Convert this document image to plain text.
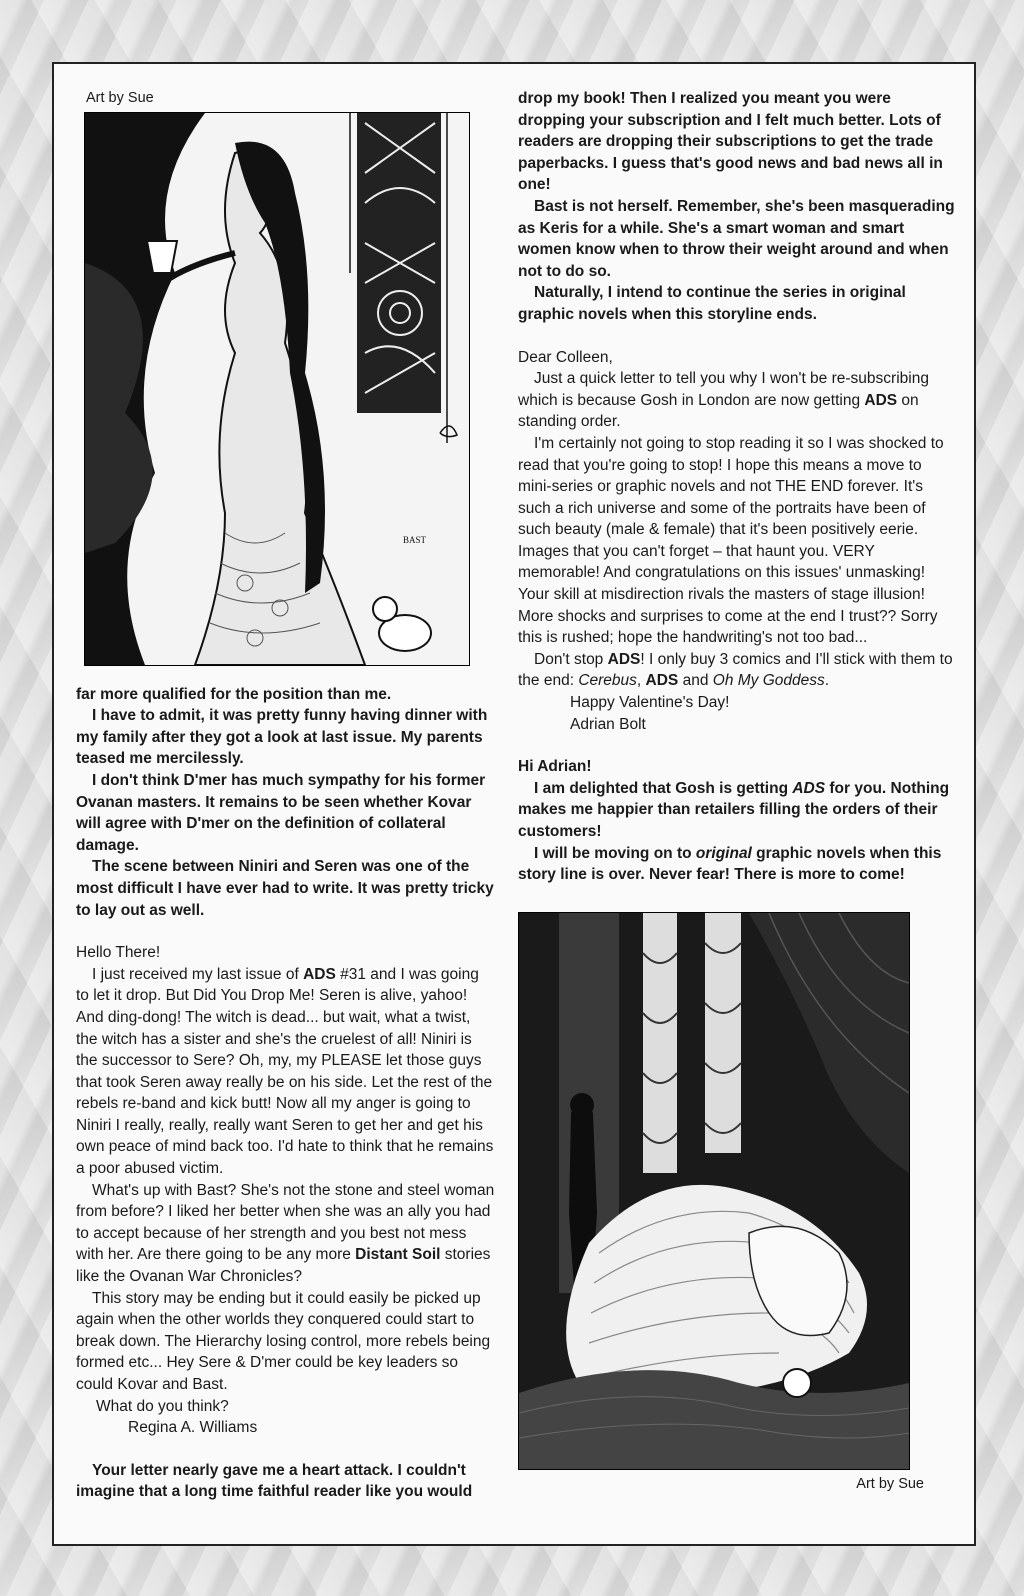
Art by Sue
BAST

far more qualified for the position than me.

I have to admit, it was pretty funny having dinner with my family after they got a look at last issue. My parents teased me mercilessly.

I don't think D'mer has much sympathy for his former Ovanan masters. It remains to be seen whether Kovar will agree with D'mer on the definition of collateral damage.

The scene between Niniri and Seren was one of the most difficult I have ever had to write. It was pretty tricky to lay out as well.

Hello There!

I just received my last issue of ADS #31 and I was going to let it drop. But Did You Drop Me! Seren is alive, yahoo! And ding-dong! The witch is dead... but wait, what a twist, the witch has a sister and she's the cruelest of all! Niniri is the successor to Sere? Oh, my, my PLEASE let those guys that took Seren away really be on his side. Let the rest of the rebels re-band and kick butt! Now all my anger is going to Niniri I really, really, really want Seren to get her and get his own peace of mind back too. I'd hate to think that he remains a poor abused victim.

What's up with Bast? She's not the stone and steel woman from before? I liked her better when she was an ally you had to accept because of her strength and you best not mess with her. Are there going to be any more Distant Soil stories like the Ovanan War Chronicles?

This story may be ending but it could easily be picked up again when the other worlds they conquered could start to break down. The Hierarchy losing control, more rebels being formed etc... Hey Sere & D'mer could be key leaders so could Kovar and Bast.

What do you think?

Regina A. Williams

Your letter nearly gave me a heart attack. I couldn't imagine that a long time faithful reader like you would

drop my book! Then I realized you meant you were dropping your subscription and I felt much better. Lots of readers are dropping their subscriptions to get the trade paperbacks. I guess that's good news and bad news all in one!

Bast is not herself. Remember, she's been masquerading as Keris for a while. She's a smart woman and smart women know when to throw their weight around and when not to do so.

Naturally, I intend to continue the series in original graphic novels when this storyline ends.

Dear Colleen,

Just a quick letter to tell you why I won't be re-subscribing which is because Gosh in London are now getting ADS on standing order.

I'm certainly not going to stop reading it so I was shocked to read that you're going to stop! I hope this means a move to mini-series or graphic novels and not THE END forever. It's such a rich universe and some of the portraits have been of such beauty (male & female) that it's been positively eerie. Images that you can't forget – that haunt you. VERY memorable! And congratulations on this issues' unmasking! Your skill at misdirection rivals the masters of stage illusion! More shocks and surprises to come at the end I trust?? Sorry this is rushed; hope the handwriting's not too bad...

Don't stop ADS! I only buy 3 comics and I'll stick with them to the end: Cerebus, ADS and Oh My Goddess.

Happy Valentine's Day!

Adrian Bolt

Hi Adrian!

I am delighted that Gosh is getting ADS for you. Nothing makes me happier than retailers filling the orders of their customers!

I will be moving on to original graphic novels when this story line is over. Never fear! There is more to come!

Art by Sue
